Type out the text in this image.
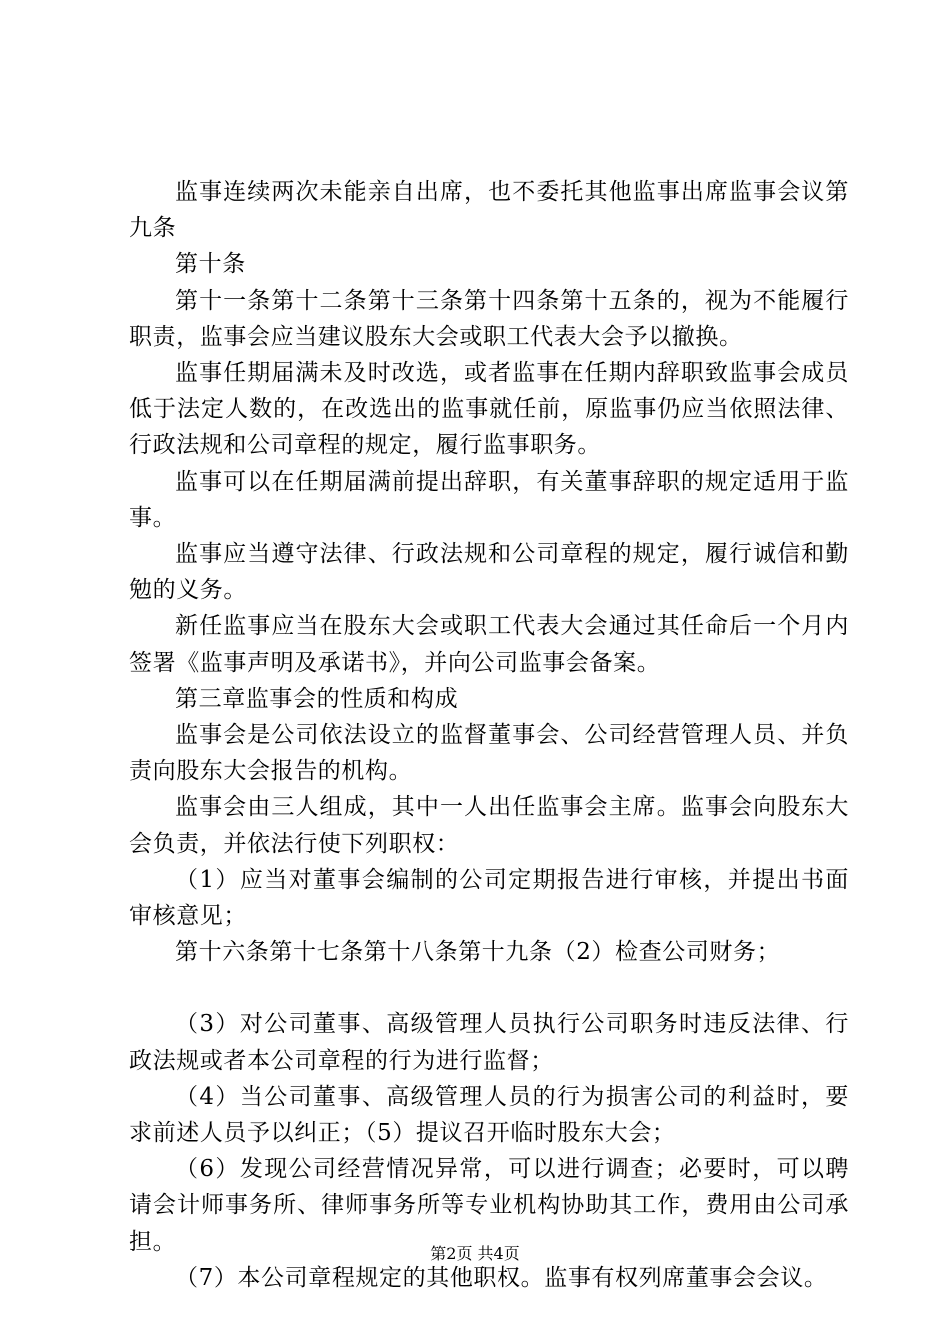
监事连续两次未能亲自出席，也不委托其他监事出席监事会议第九条

第十条

第十一条第十二条第十三条第十四条第十五条的，视为不能履行职责，监事会应当建议股东大会或职工代表大会予以撤换。

监事任期届满未及时改选，或者监事在任期内辞职致监事会成员低于法定人数的，在改选出的监事就任前，原监事仍应当依照法律、行政法规和公司章程的规定，履行监事职务。

监事可以在任期届满前提出辞职，有关董事辞职的规定适用于监事。

监事应当遵守法律、行政法规和公司章程的规定，履行诚信和勤勉的义务。

新任监事应当在股东大会或职工代表大会通过其任命后一个月内签署《监事声明及承诺书》，并向公司监事会备案。

第三章监事会的性质和构成

监事会是公司依法设立的监督董事会、公司经营管理人员、并负责向股东大会报告的机构。

监事会由三人组成，其中一人出任监事会主席。监事会向股东大会负责，并依法行使下列职权：

（1）应当对董事会编制的公司定期报告进行审核，并提出书面审核意见；

第十六条第十七条第十八条第十九条（2）检查公司财务；

（3）对公司董事、高级管理人员执行公司职务时违反法律、行政法规或者本公司章程的行为进行监督；

（4）当公司董事、高级管理人员的行为损害公司的利益时，要求前述人员予以纠正；（5）提议召开临时股东大会；

（6）发现公司经营情况异常，可以进行调查；必要时，可以聘请会计师事务所、律师事务所等专业机构协助其工作，费用由公司承担。

（7）本公司章程规定的其他职权。监事有权列席董事会会议。

第2页 共4页
